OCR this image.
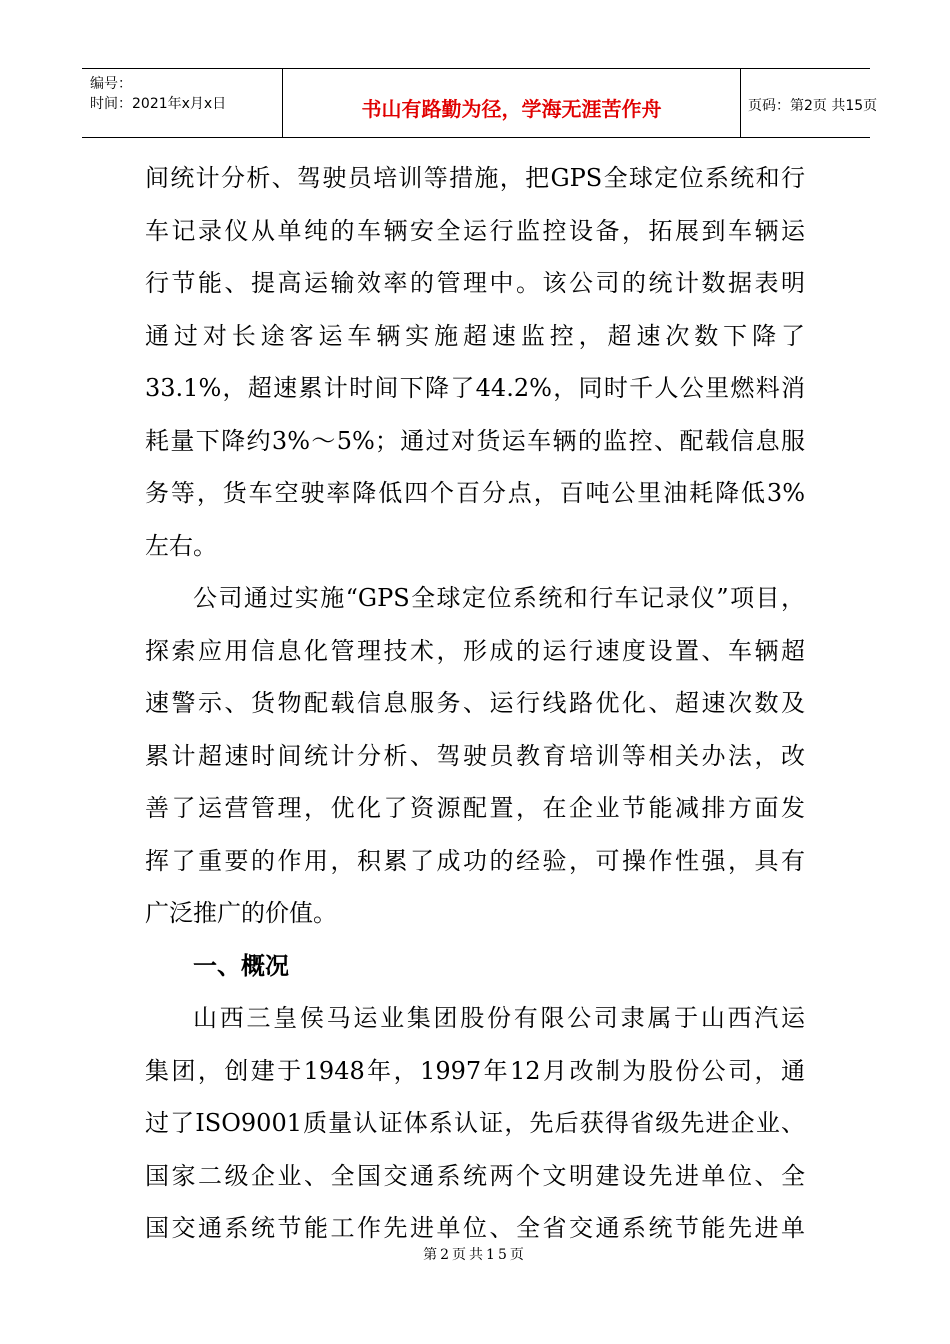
编号：
时间：2021年x月x日	书山有路勤为径，学海无涯苦作舟	页码：第2页 共15页
间统计分析、驾驶员培训等措施，把GPS全球定位系统和行
车记录仪从单纯的车辆安全运行监控设备，拓展到车辆运
行节能、提高运输效率的管理中。该公司的统计数据表明
通过对长途客运车辆实施超速监控，超速次数下降了
33.1%，超速累计时间下降了44.2%，同时千人公里燃料消
耗量下降约3%～5%；通过对货运车辆的监控、配载信息服
务等，货车空驶率降低四个百分点，百吨公里油耗降低3%
左右。
公司通过实施“GPS全球定位系统和行车记录仪”项目，
探索应用信息化管理技术，形成的运行速度设置、车辆超
速警示、货物配载信息服务、运行线路优化、超速次数及
累计超速时间统计分析、驾驶员教育培训等相关办法，改
善了运营管理，优化了资源配置，在企业节能减排方面发
挥了重要的作用，积累了成功的经验，可操作性强，具有
广泛推广的价值。
一、概况
山西三皇侯马运业集团股份有限公司隶属于山西汽运
集团，创建于1948年，1997年12月改制为股份公司，通
过了ISO9001质量认证体系认证，先后获得省级先进企业、
国家二级企业、全国交通系统两个文明建设先进单位、全
国交通系统节能工作先进单位、全省交通系统节能先进单
第2页共15页
